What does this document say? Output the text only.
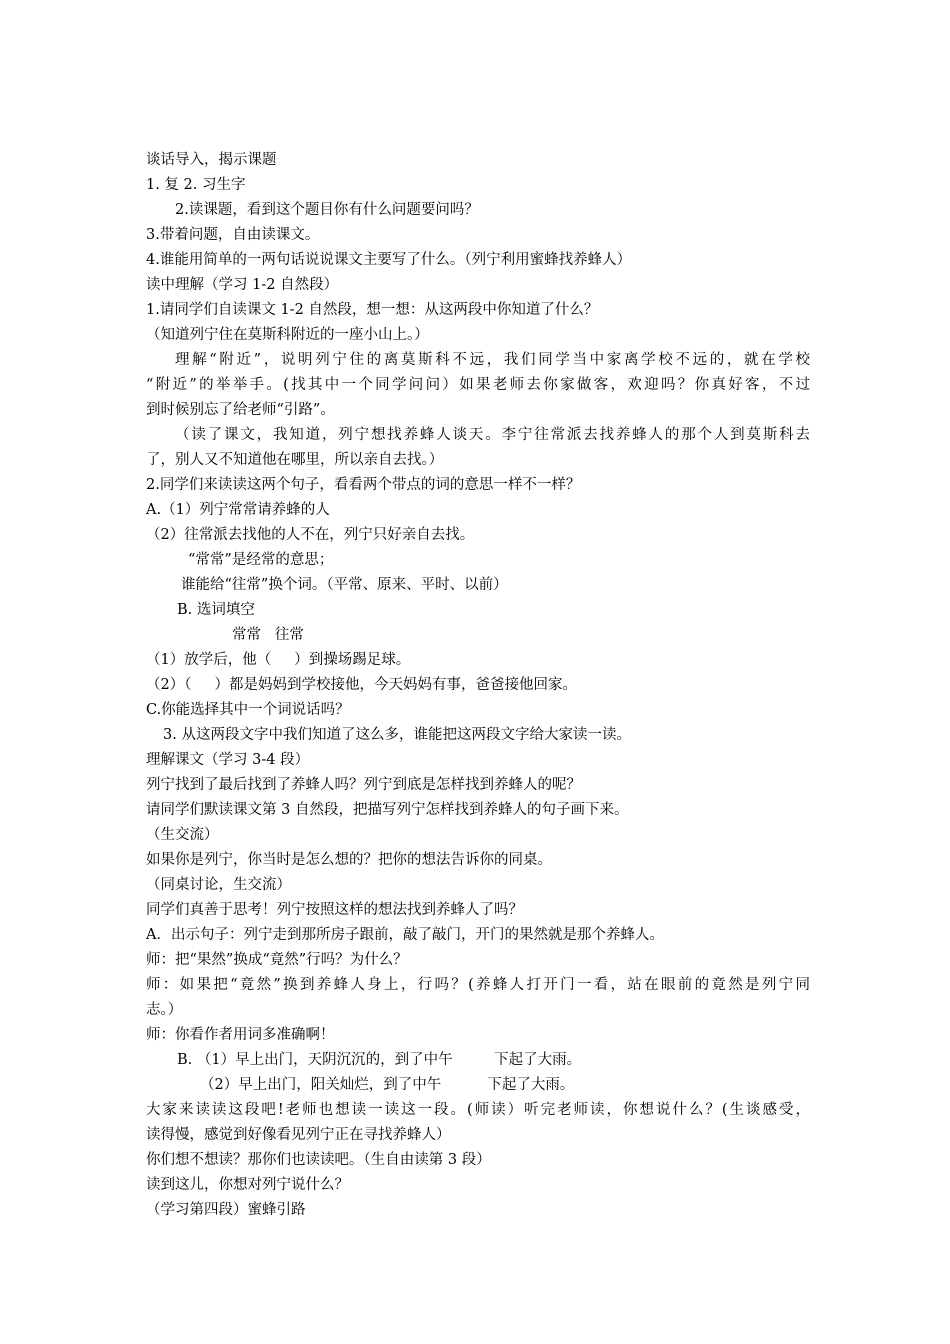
谈话导入，揭示课题
1. 复 2. 习生字
2.读课题，看到这个题目你有什么问题要问吗？
3.带着问题，自由读课文。
4.谁能用简单的一两句话说说课文主要写了什么。（列宁利用蜜蜂找养蜂人）
读中理解（学习 1-2 自然段）
1.请同学们自读课文 1-2 自然段，想一想：从这两段中你知道了什么？
（知道列宁住在莫斯科附近的一座小山上。）
理解“附近”，说明列宁住的离莫斯科不远，我们同学当中家离学校不远的，就在学校
“附近”的举举手。(找其中一个同学问问）如果老师去你家做客，欢迎吗？你真好客，不过
到时候别忘了给老师“引路”。
（读了课文，我知道，列宁想找养蜂人谈天。李宁往常派去找养蜂人的那个人到莫斯科去
了，别人又不知道他在哪里，所以亲自去找。）
2.同学们来读读这两个句子，看看两个带点的词的意思一样不一样？
A.（1）列宁常常请养蜂的人
（2）往常派去找他的人不在，列宁只好亲自去找。
“常常”是经常的意思；
谁能给“往常”换个词。（平常、原来、平时、以前）
B. 选词填空
常常   往常
（1）放学后，他（     ）到操场踢足球。
（2）（     ）都是妈妈到学校接他，今天妈妈有事，爸爸接他回家。
C.你能选择其中一个词说话吗？
3. 从这两段文字中我们知道了这么多，谁能把这两段文字给大家读一读。
理解课文（学习 3-4 段）
列宁找到了最后找到了养蜂人吗？列宁到底是怎样找到养蜂人的呢？
请同学们默读课文第 3 自然段，把描写列宁怎样找到养蜂人的句子画下来。
（生交流）
如果你是列宁，你当时是怎么想的？把你的想法告诉你的同桌。
（同桌讨论，生交流）
同学们真善于思考！列宁按照这样的想法找到养蜂人了吗？
A．出示句子：列宁走到那所房子跟前，敲了敲门，开门的果然就是那个养蜂人。
师：把“果然”换成“竟然”行吗？为什么？
师：如果把“竟然”换到养蜂人身上，行吗？(养蜂人打开门一看，站在眼前的竟然是列宁同
志。）
师：你看作者用词多准确啊！
B. （1）早上出门，天阴沉沉的，到了中午         下起了大雨。
（2）早上出门，阳关灿烂，到了中午          下起了大雨。
大家来读读这段吧!老师也想读一读这一段。(师读）听完老师读，你想说什么？(生谈感受，
读得慢，感觉到好像看见列宁正在寻找养蜂人）
你们想不想读？那你们也读读吧。（生自由读第 3 段）
读到这儿，你想对列宁说什么？
（学习第四段）蜜蜂引路
